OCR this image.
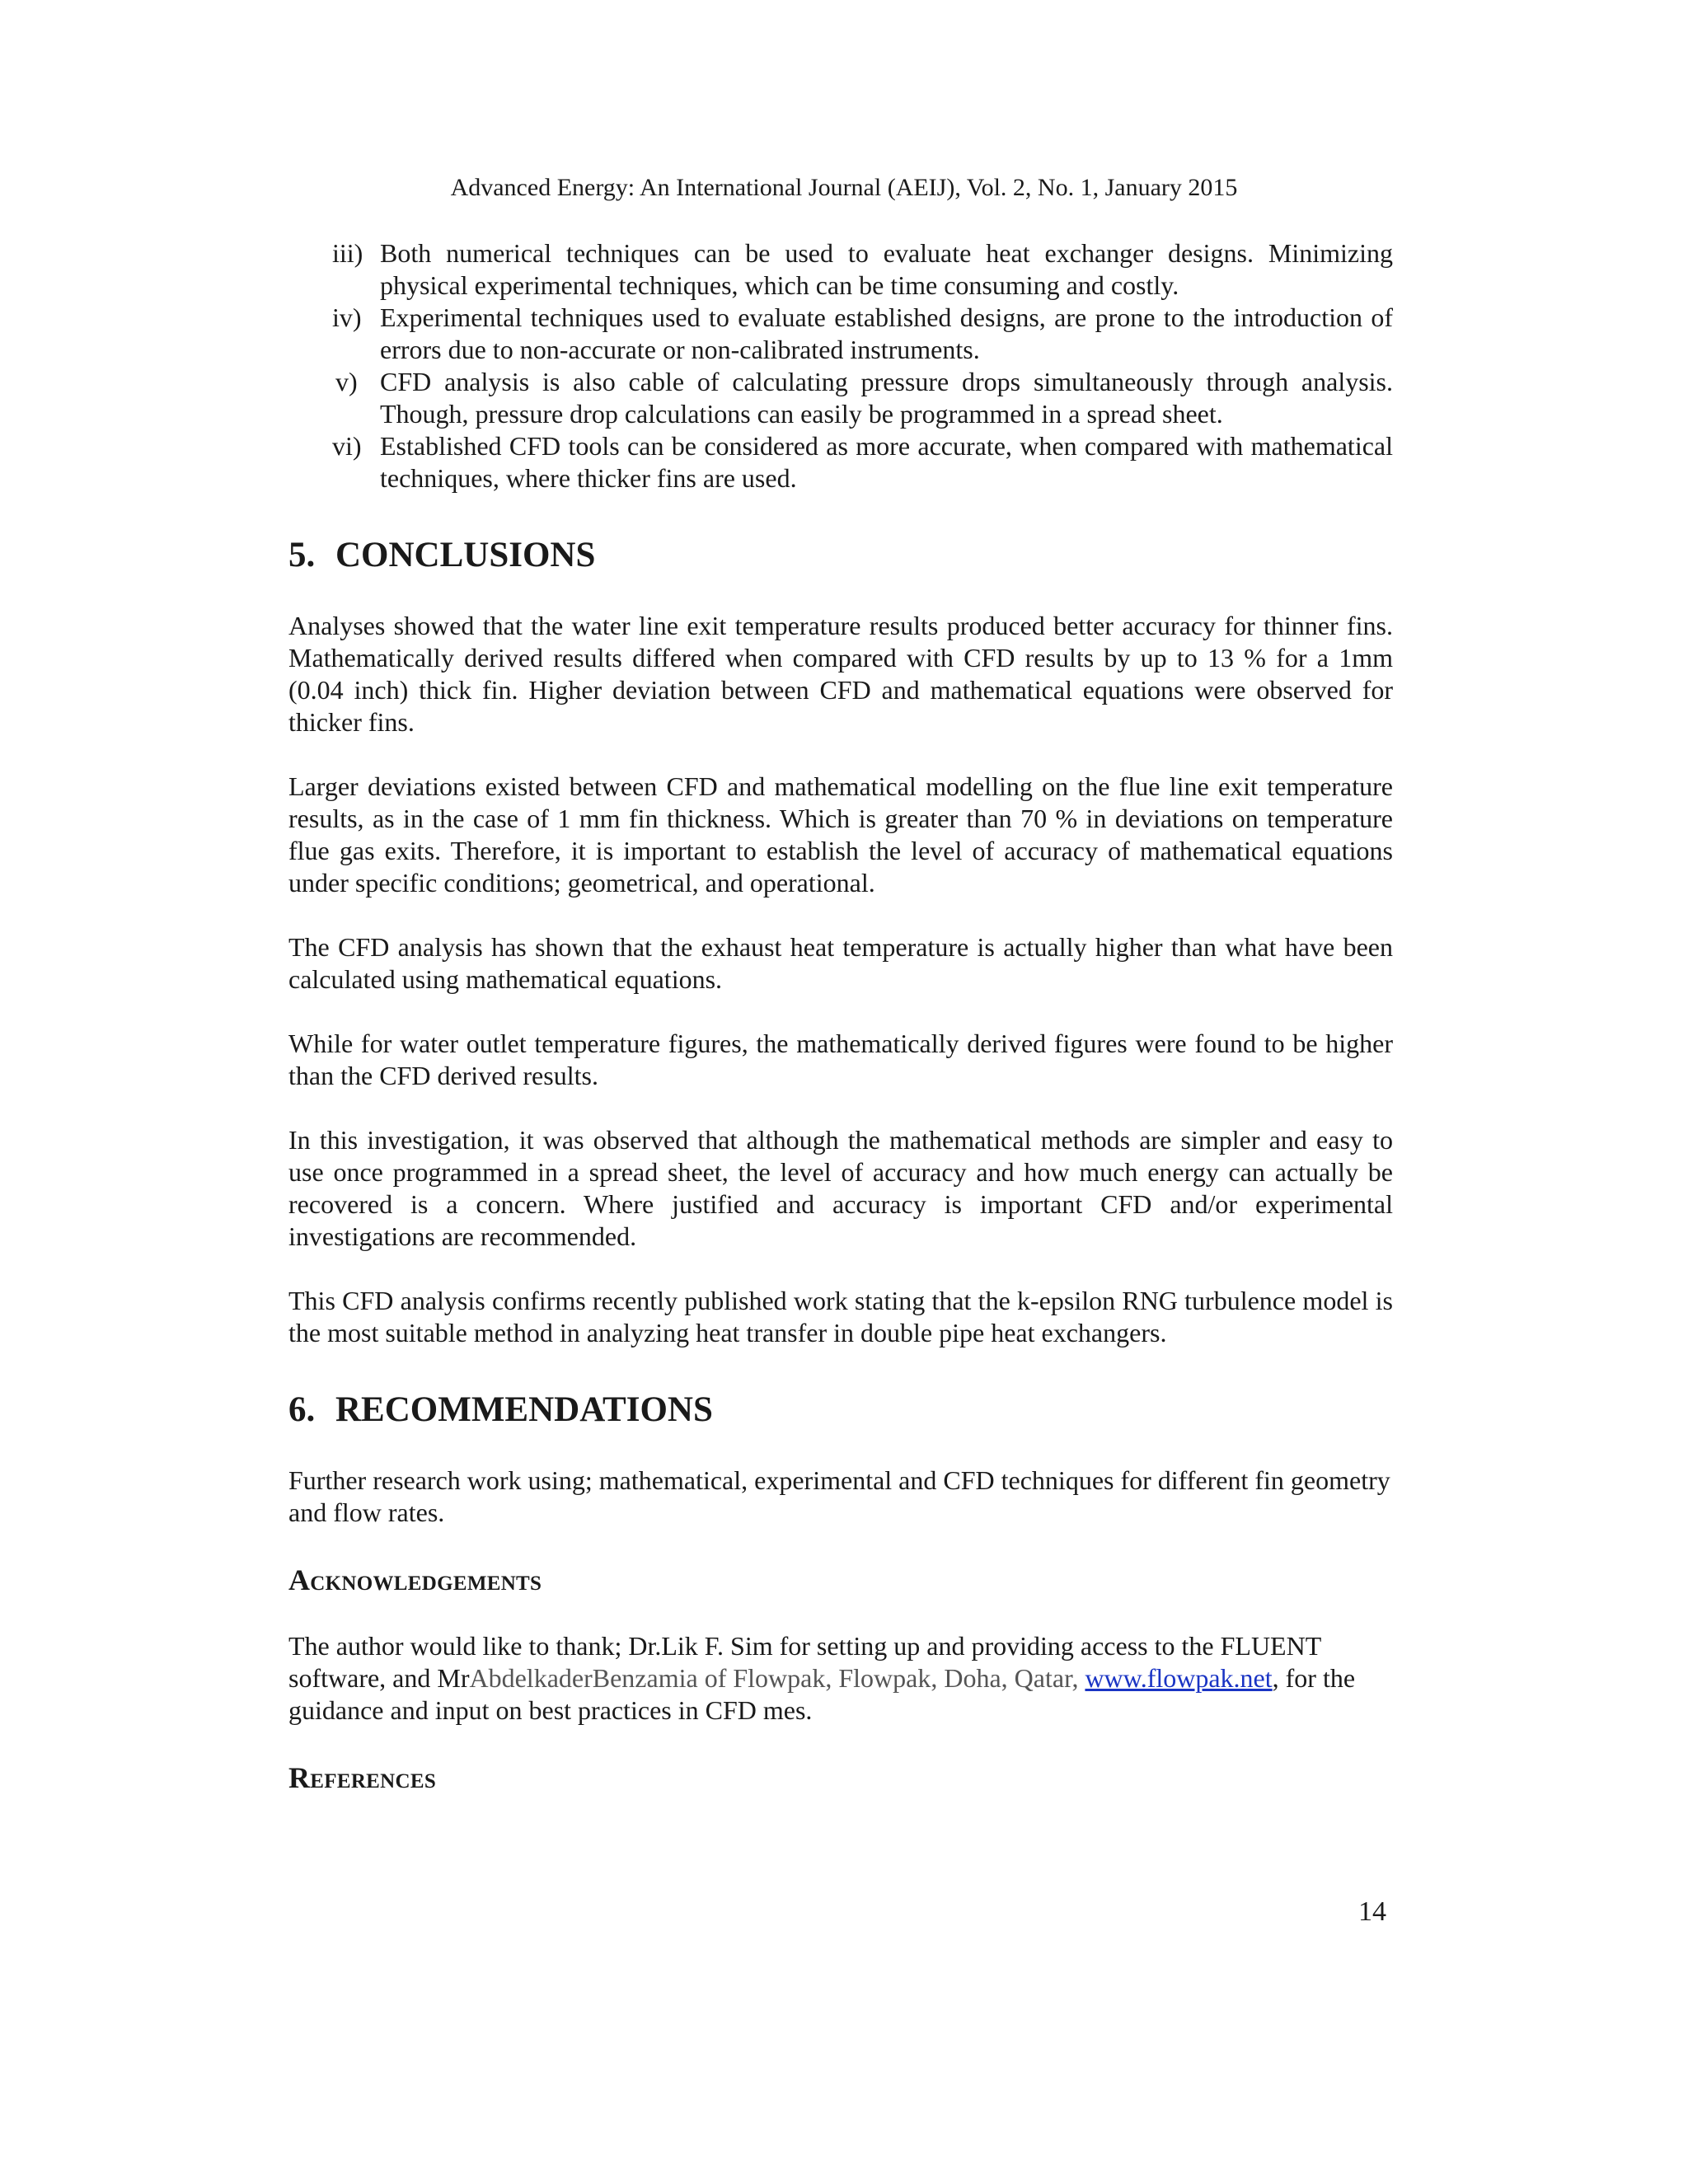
Advanced Energy: An International Journal (AEIJ), Vol. 2, No. 1, January 2015
iii) Both numerical techniques can be used to evaluate heat exchanger designs. Minimizing physical experimental techniques, which can be time consuming and costly.
iv) Experimental techniques used to evaluate established designs, are prone to the introduction of errors due to non-accurate or non-calibrated instruments.
v) CFD analysis is also cable of calculating pressure drops simultaneously through analysis. Though, pressure drop calculations can easily be programmed in a spread sheet.
vi) Established CFD tools can be considered as more accurate, when compared with mathematical techniques, where thicker fins are used.
5. CONCLUSIONS

Analyses showed that the water line exit temperature results produced better accuracy for thinner fins. Mathematically derived results differed when compared with CFD results by up to 13 % for a 1mm (0.04 inch) thick fin. Higher deviation between CFD and mathematical equations were observed for thicker fins.

Larger deviations existed between CFD and mathematical modelling on the flue line exit temperature results, as in the case of 1 mm fin thickness. Which is greater than 70 % in deviations on temperature flue gas exits. Therefore, it is important to establish the level of accuracy of mathematical equations under specific conditions; geometrical, and operational.

The CFD analysis has shown that the exhaust heat temperature is actually higher than what have been calculated using mathematical equations.

While for water outlet temperature figures, the mathematically derived figures were found to be higher than the CFD derived results.

In this investigation, it was observed that although the mathematical methods are simpler and easy to use once programmed in a spread sheet, the level of accuracy and how much energy can actually be recovered is a concern. Where justified and accuracy is important CFD and/or experimental investigations are recommended.

This CFD analysis confirms recently published work stating that the k-epsilon RNG turbulence model is the most suitable method in analyzing heat transfer in double pipe heat exchangers.

6. RECOMMENDATIONS

Further research work using; mathematical, experimental and CFD techniques for different fin geometry and flow rates.

Acknowledgements

The author would like to thank; Dr.Lik F. Sim for setting up and providing access to the FLUENT software, and MrAbdelkaderBenzamia of Flowpak, Flowpak, Doha, Qatar, www.flowpak.net, for the guidance and input on best practices in CFD mes.

References
14
